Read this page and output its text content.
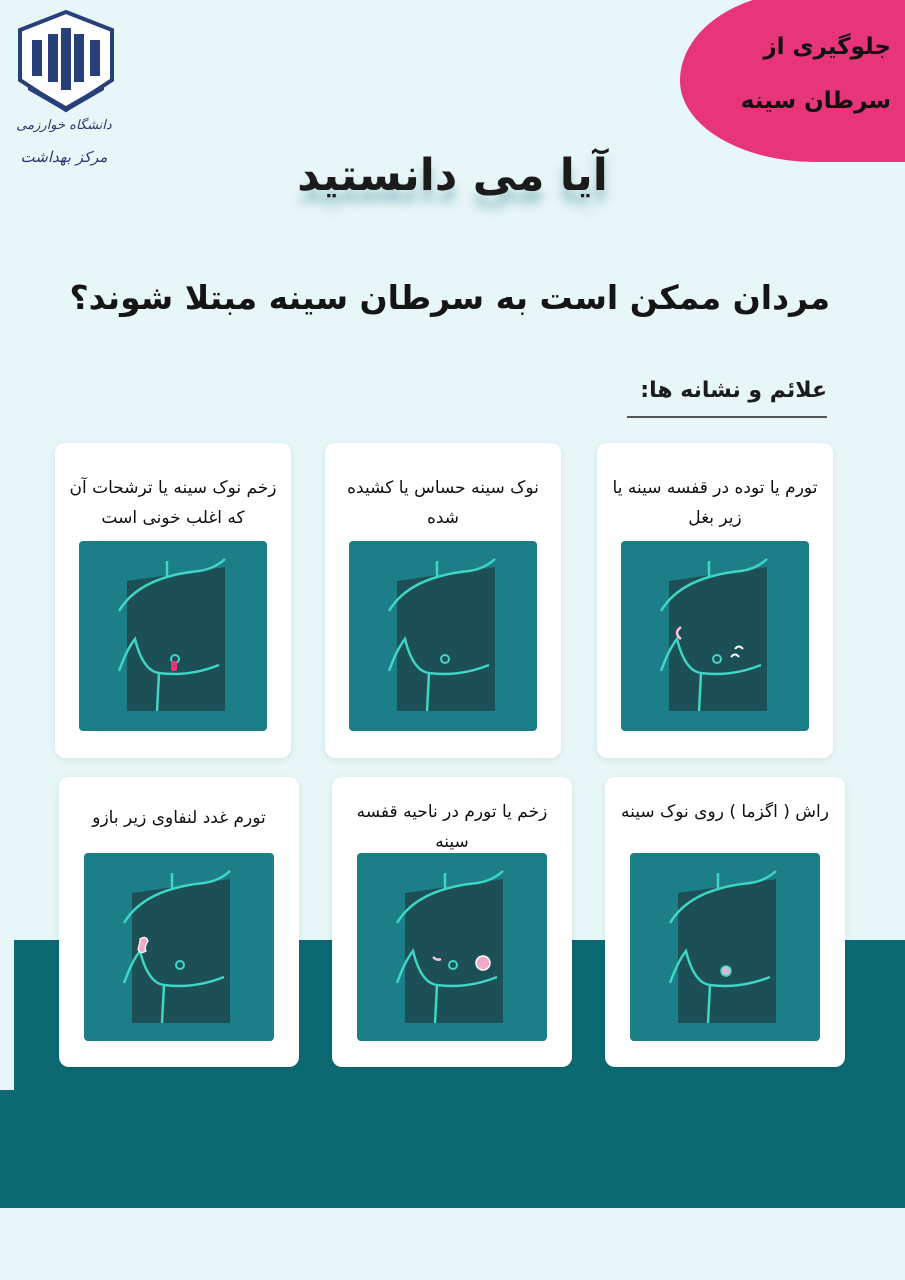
دانشگاه خوارزمی
مرکز بهداشت
جلوگیری از
سرطان سینه
آیا می دانستید
مردان ممکن است به سرطان سینه مبتلا شوند؟
علائم و نشانه ها:
تورم یا توده در قفسه سینه یا زیر بغل
نوک سینه حساس یا کشیده شده
زخم نوک سینه یا ترشحات آن که اغلب خونی است
راش ( اگزما ) روی نوک سینه
زخم یا تورم در ناحیه قفسه سینه
تورم غدد لنفاوی زیر بازو
